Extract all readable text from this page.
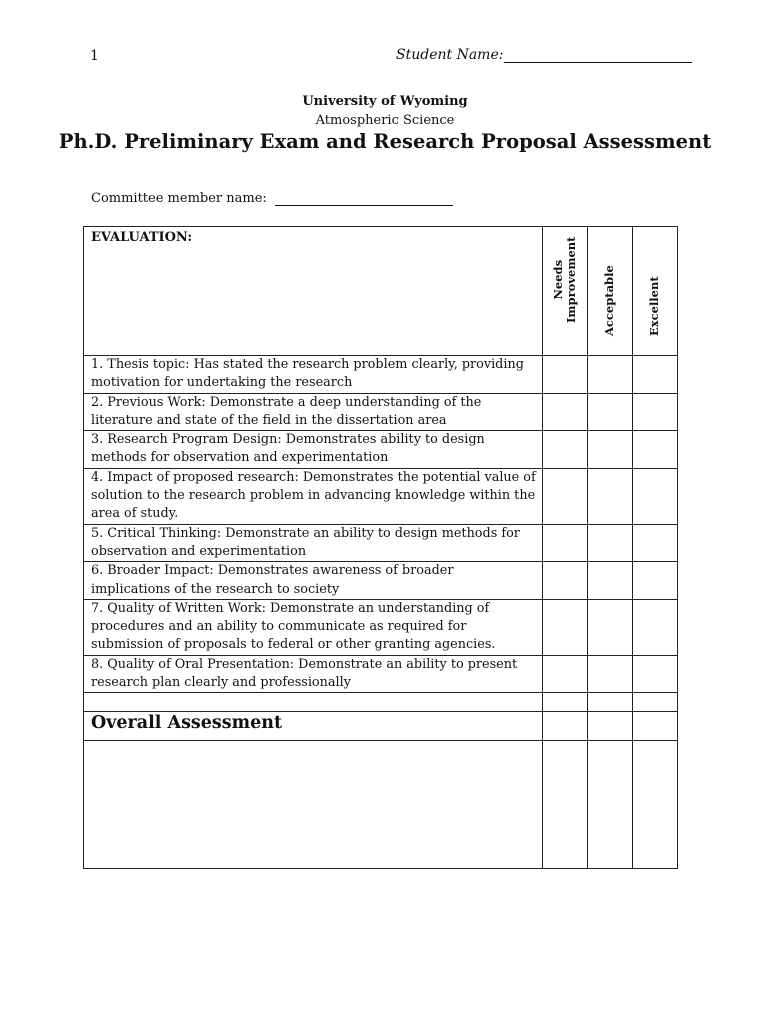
1	Student Name:
University of Wyoming
Atmospheric Science
Ph.D. Preliminary Exam and Research Proposal Assessment
Committee member name:
EVALUATION:	Needs Improvement	Acceptable	Excellent

1. Thesis topic: Has stated the research problem clearly, providing motivation for undertaking the research			

2. Previous Work: Demonstrate a deep understanding of the literature and state of the field in the dissertation area			

3. Research Program Design: Demonstrates ability to design methods for observation and experimentation			

4. Impact of proposed research: Demonstrates the potential value of solution to the research problem in advancing knowledge within the area of study.			

5. Critical Thinking: Demonstrate an ability to design methods for observation and experimentation			

6. Broader Impact: Demonstrates awareness of broader implications of the research to society			

7. Quality of Written Work: Demonstrate an understanding of procedures and an ability to communicate as required for submission of proposals to federal or other granting agencies.			

8. Quality of Oral Presentation: Demonstrate an ability to present research plan clearly and professionally			

Overall Assessment			
